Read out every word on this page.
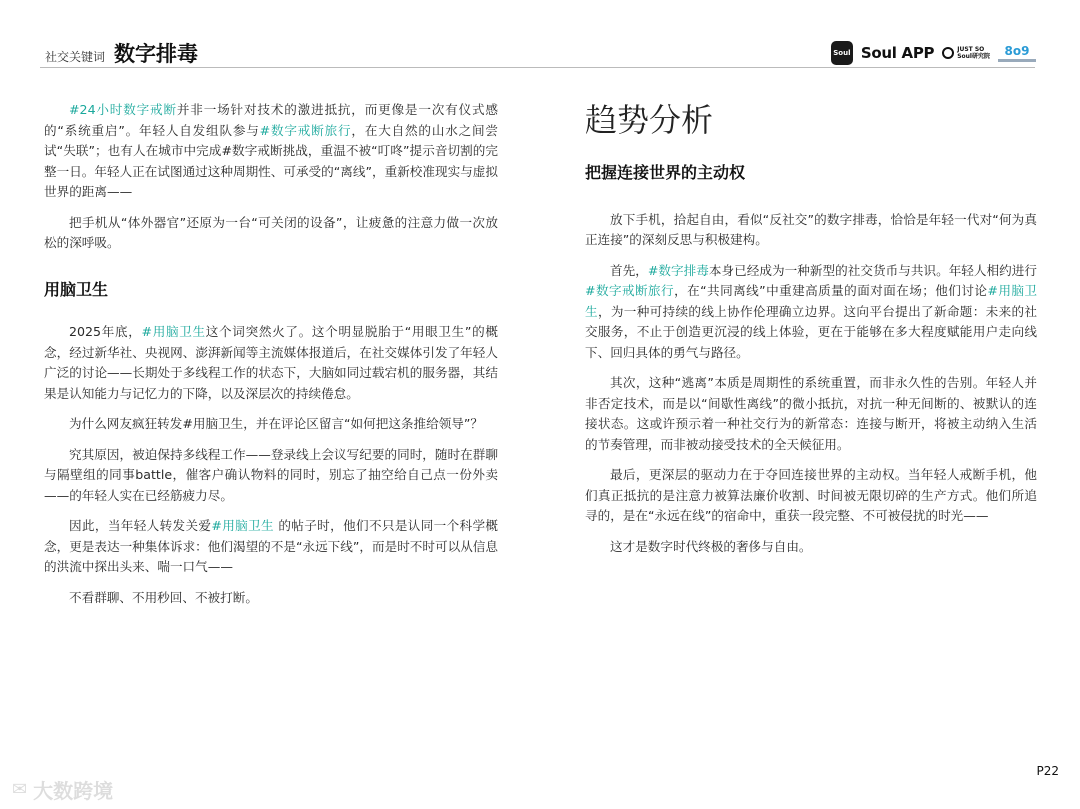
社交关键词 数字排毒	Soul Soul APP	JUST SO
Soul研究院 8o9

#24小时数字戒断并非一场针对技术的激进抵抗，而更像是一次有仪式感的“系统重启”。年轻人自发组队参与#数字戒断旅行，在大自然的山水之间尝试“失联”；也有人在城市中完成#数字戒断挑战，重温不被“叮咚”提示音切割的完整一日。年轻人正在试图通过这种周期性、可承受的“离线”，重新校准现实与虚拟世界的距离——

把手机从“体外器官”还原为一台“可关闭的设备”，让疲惫的注意力做一次放松的深呼吸。

用脑卫生

2025年底，#用脑卫生这个词突然火了。这个明显脱胎于“用眼卫生”的概念，经过新华社、央视网、澎湃新闻等主流媒体报道后，在社交媒体引发了年轻人广泛的讨论——长期处于多线程工作的状态下，大脑如同过载宕机的服务器，其结果是认知能力与记忆力的下降，以及深层次的持续倦怠。

为什么网友疯狂转发#用脑卫生，并在评论区留言“如何把这条推给领导”？

究其原因，被迫保持多线程工作——登录线上会议写纪要的同时，随时在群聊与隔壁组的同事battle，催客户确认物料的同时，别忘了抽空给自己点一份外卖——的年轻人实在已经筋疲力尽。

因此，当年轻人转发关爱#用脑卫生 的帖子时，他们不只是认同一个科学概念，更是表达一种集体诉求：他们渴望的不是“永远下线”，而是时不时可以从信息的洪流中探出头来、喘一口气——

不看群聊、不用秒回、不被打断。

趋势分析
把握连接世界的主动权

放下手机，拾起自由，看似“反社交”的数字排毒，恰恰是年轻一代对“何为真正连接”的深刻反思与积极建构。

首先，#数字排毒本身已经成为一种新型的社交货币与共识。年轻人相约进行#数字戒断旅行，在“共同离线”中重建高质量的面对面在场；他们讨论#用脑卫生，为一种可持续的线上协作伦理确立边界。这向平台提出了新命题：未来的社交服务，不止于创造更沉浸的线上体验，更在于能够在多大程度赋能用户走向线下、回归具体的勇气与路径。

其次，这种“逃离”本质是周期性的系统重置，而非永久性的告别。年轻人并非否定技术，而是以“间歇性离线”的微小抵抗，对抗一种无间断的、被默认的连接状态。这或许预示着一种社交行为的新常态：连接与断开，将被主动纳入生活的节奏管理，而非被动接受技术的全天候征用。

最后，更深层的驱动力在于夺回连接世界的主动权。当年轻人戒断手机，他们真正抵抗的是注意力被算法廉价收割、时间被无限切碎的生产方式。他们所追寻的，是在“永远在线”的宿命中，重获一段完整、不可被侵扰的时光——

这才是数字时代终极的奢侈与自由。

P22
✉ 大数跨境
